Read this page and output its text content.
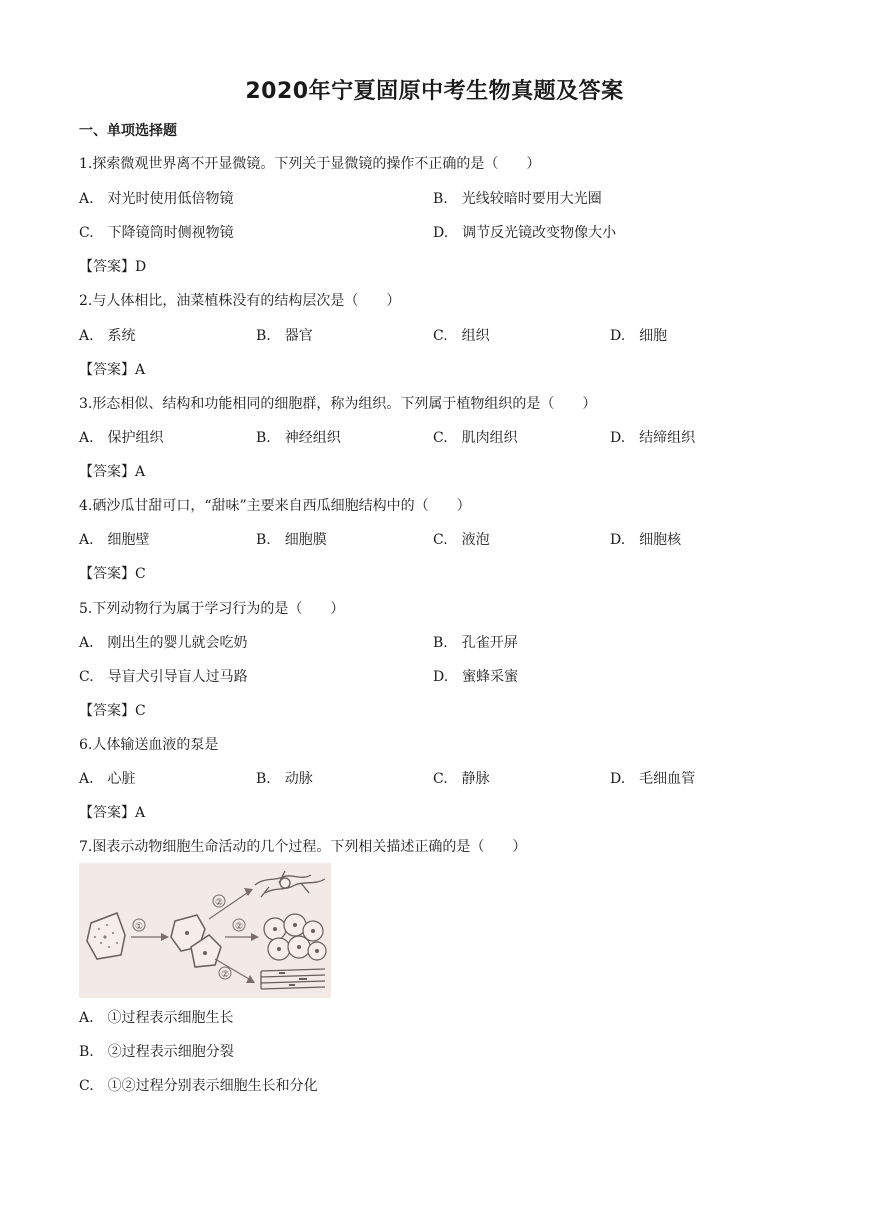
2020年宁夏固原中考生物真题及答案
一、单项选择题
1.探索微观世界离不开显微镜。下列关于显微镜的操作不正确的是（　　）
A.　对光时使用低倍物镜	B.　光线较暗时要用大光圈
C.　下降镜筒时侧视物镜	D.　调节反光镜改变物像大小
【答案】D
2.与人体相比，油菜植株没有的结构层次是（　　）
A.　系统	B.　器官	C.　组织	D.　细胞
【答案】A
3.形态相似、结构和功能相同的细胞群，称为组织。下列属于植物组织的是（　　）
A.　保护组织	B.　神经组织	C.　肌肉组织	D.　结缔组织
【答案】A
4.硒沙瓜甘甜可口，“甜味”主要来自西瓜细胞结构中的（　　）
A.　细胞壁	B.　细胞膜	C.　液泡	D.　细胞核
【答案】C
5.下列动物行为属于学习行为的是（　　）
A.　刚出生的婴儿就会吃奶	B.　孔雀开屏
C.　导盲犬引导盲人过马路	D.　蜜蜂采蜜
【答案】C
6.人体输送血液的泵是
A.　心脏	B.　动脉	C.　静脉	D.　毛细血管
【答案】A
7.图表示动物细胞生命活动的几个过程。下列相关描述正确的是（　　）
①
②
②
②
A.　①过程表示细胞生长
B.　②过程表示细胞分裂
C.　①②过程分别表示细胞生长和分化
